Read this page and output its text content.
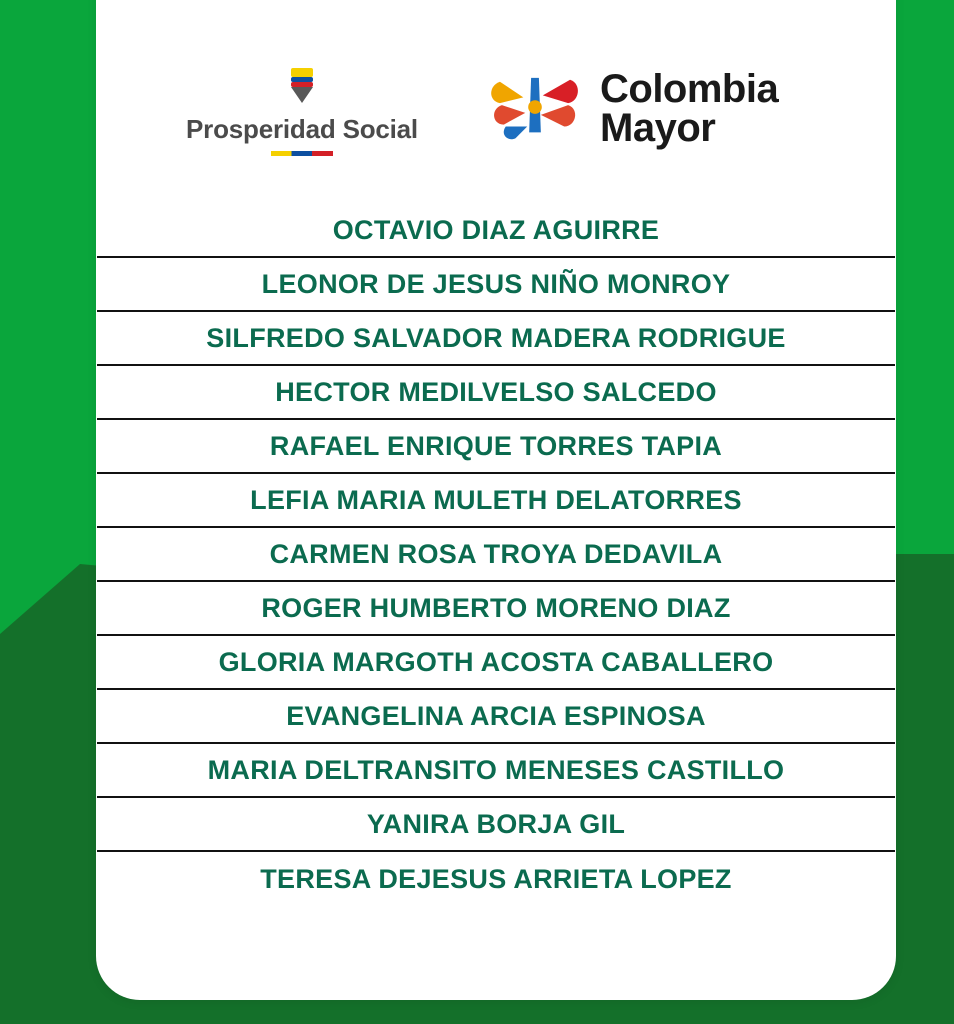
Prosperidad Social
Colombia
Mayor
OCTAVIO DIAZ AGUIRRE
LEONOR DE JESUS NIÑO MONROY
SILFREDO SALVADOR MADERA RODRIGUE
HECTOR MEDILVELSO SALCEDO
RAFAEL ENRIQUE TORRES TAPIA
LEFIA MARIA MULETH DELATORRES
CARMEN ROSA TROYA DEDAVILA
ROGER HUMBERTO MORENO DIAZ
GLORIA MARGOTH ACOSTA CABALLERO
EVANGELINA ARCIA ESPINOSA
MARIA DELTRANSITO MENESES CASTILLO
YANIRA BORJA GIL
TERESA DEJESUS ARRIETA LOPEZ
